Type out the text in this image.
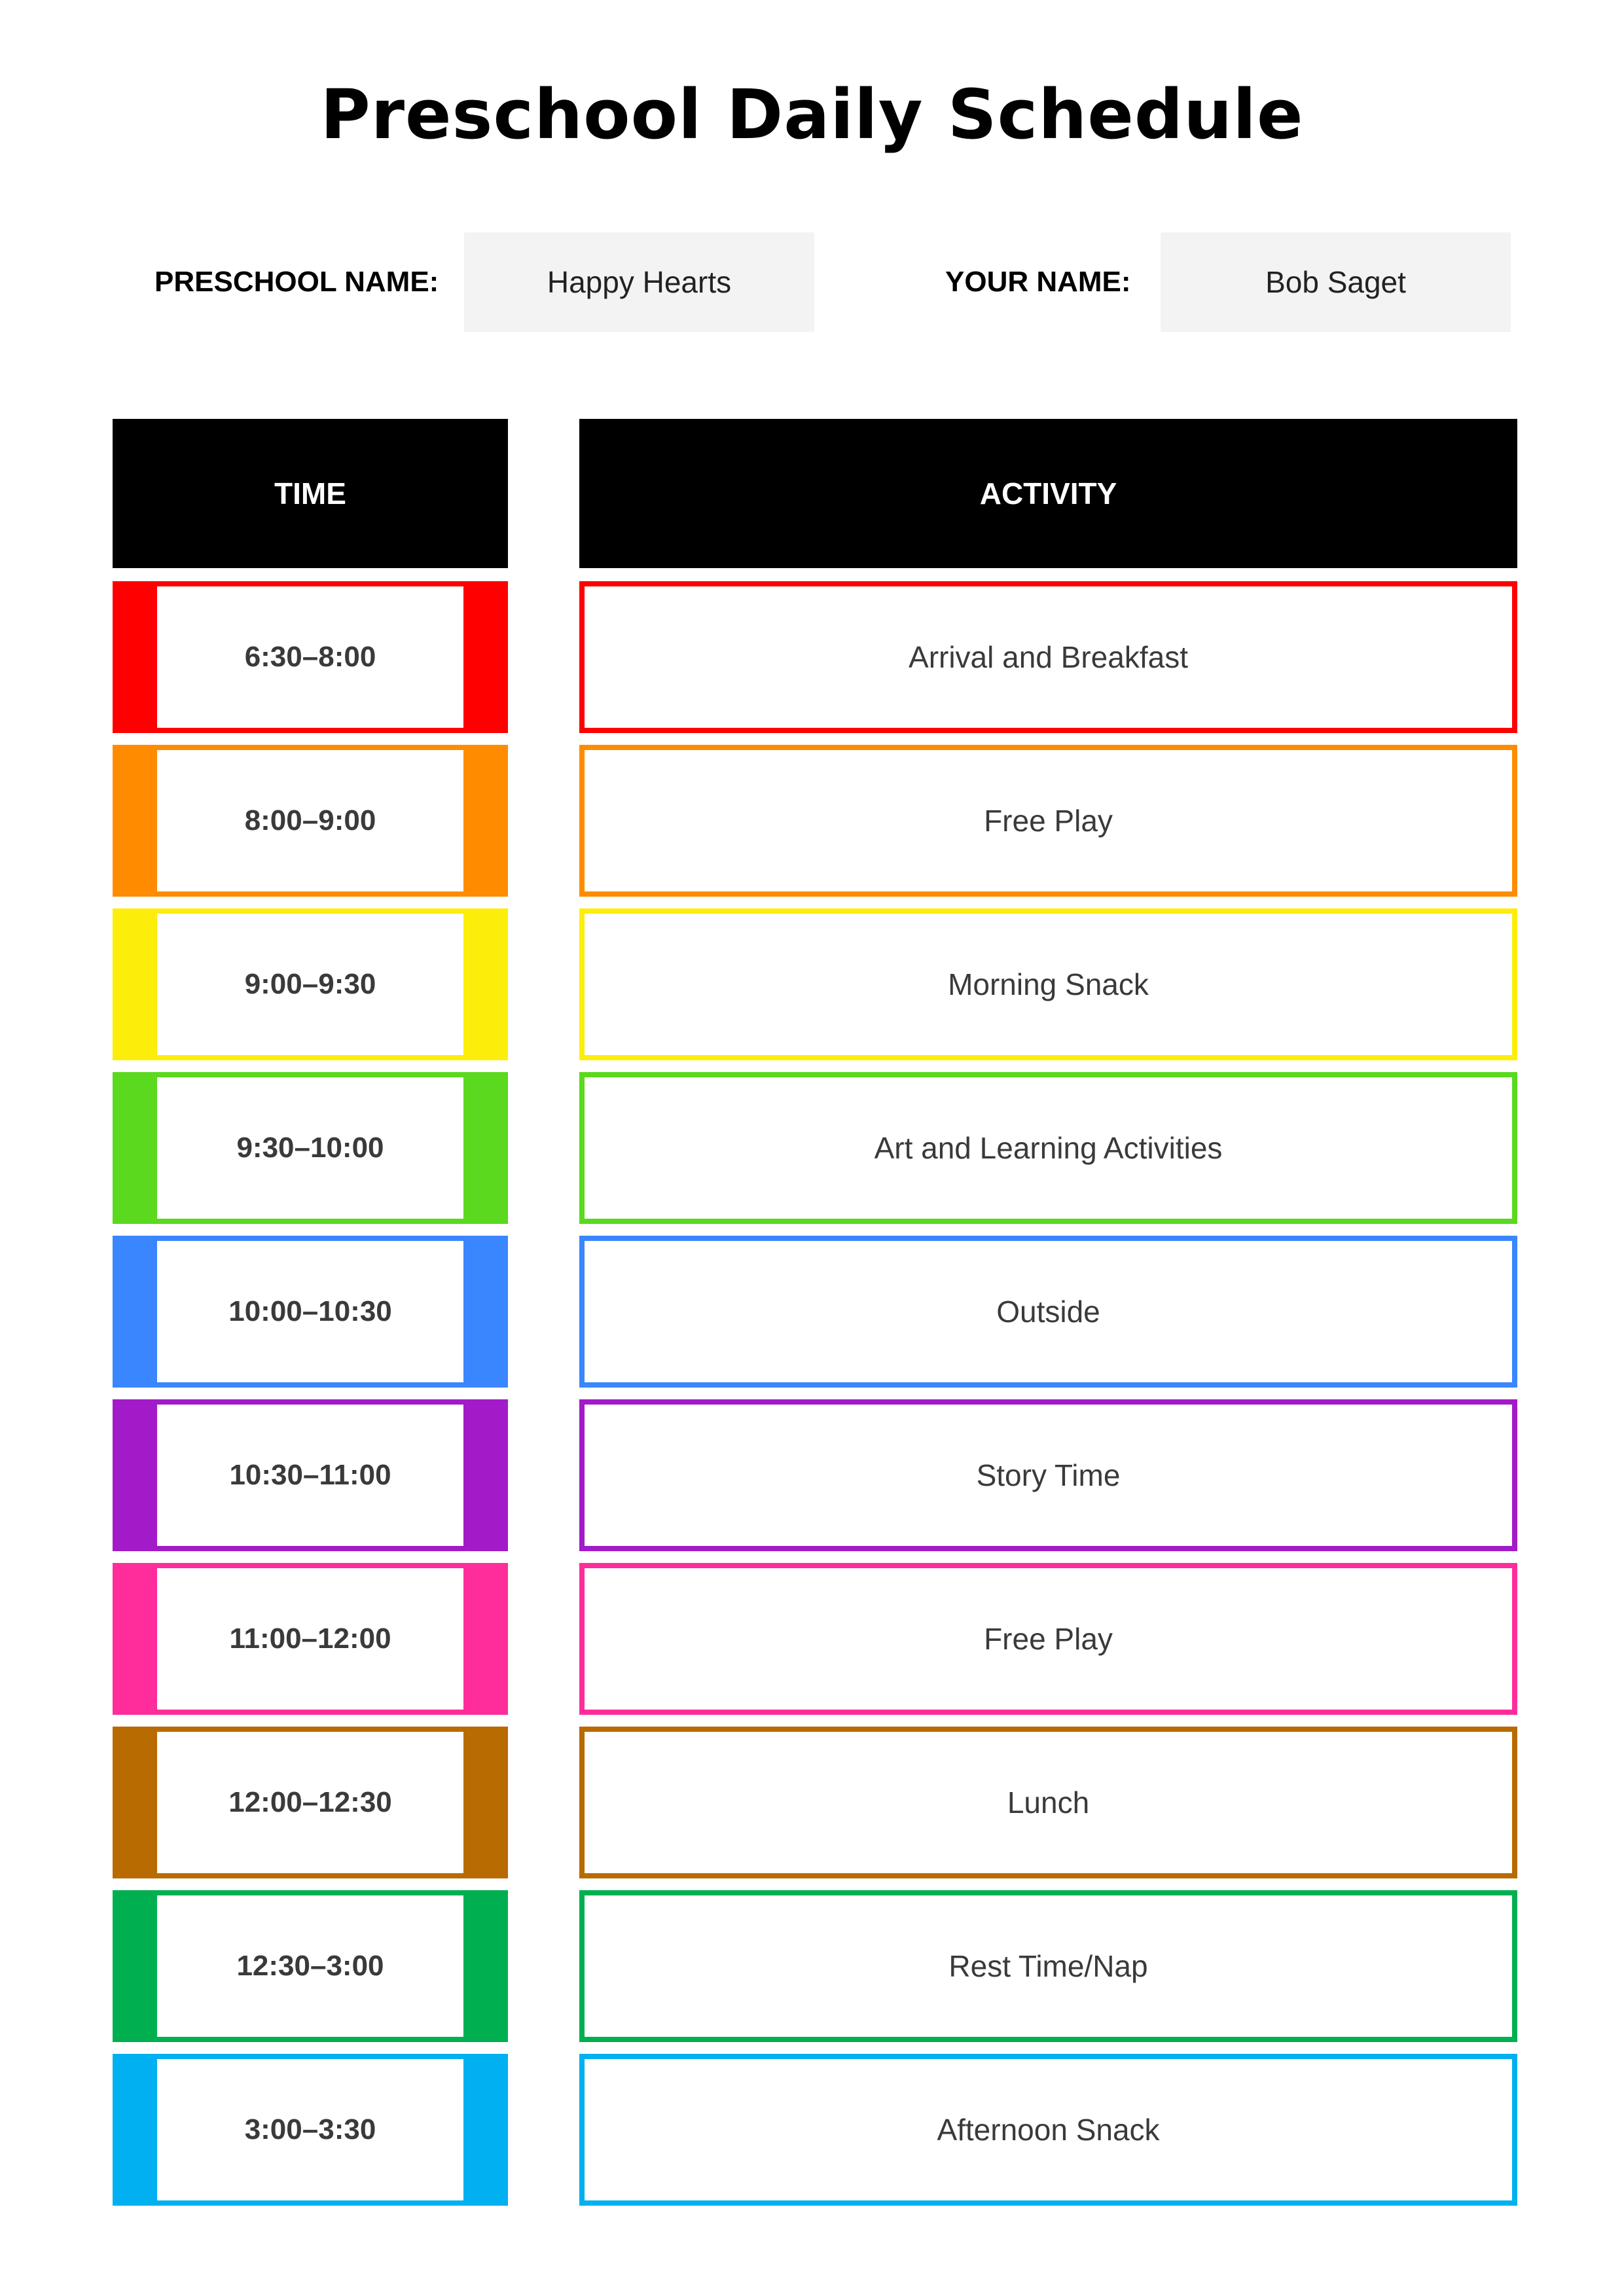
Preschool Daily Schedule
PRESCHOOL NAME:	Happy Hearts	YOUR NAME:	Bob Saget
TIME	ACTIVITY
6:30–8:00	Arrival and Breakfast
8:00–9:00	Free Play
9:00–9:30	Morning Snack
9:30–10:00	Art and Learning Activities
10:00–10:30	Outside
10:30–11:00	Story Time
11:00–12:00	Free Play
12:00–12:30	Lunch
12:30–3:00	Rest Time/Nap
3:00–3:30	Afternoon Snack
